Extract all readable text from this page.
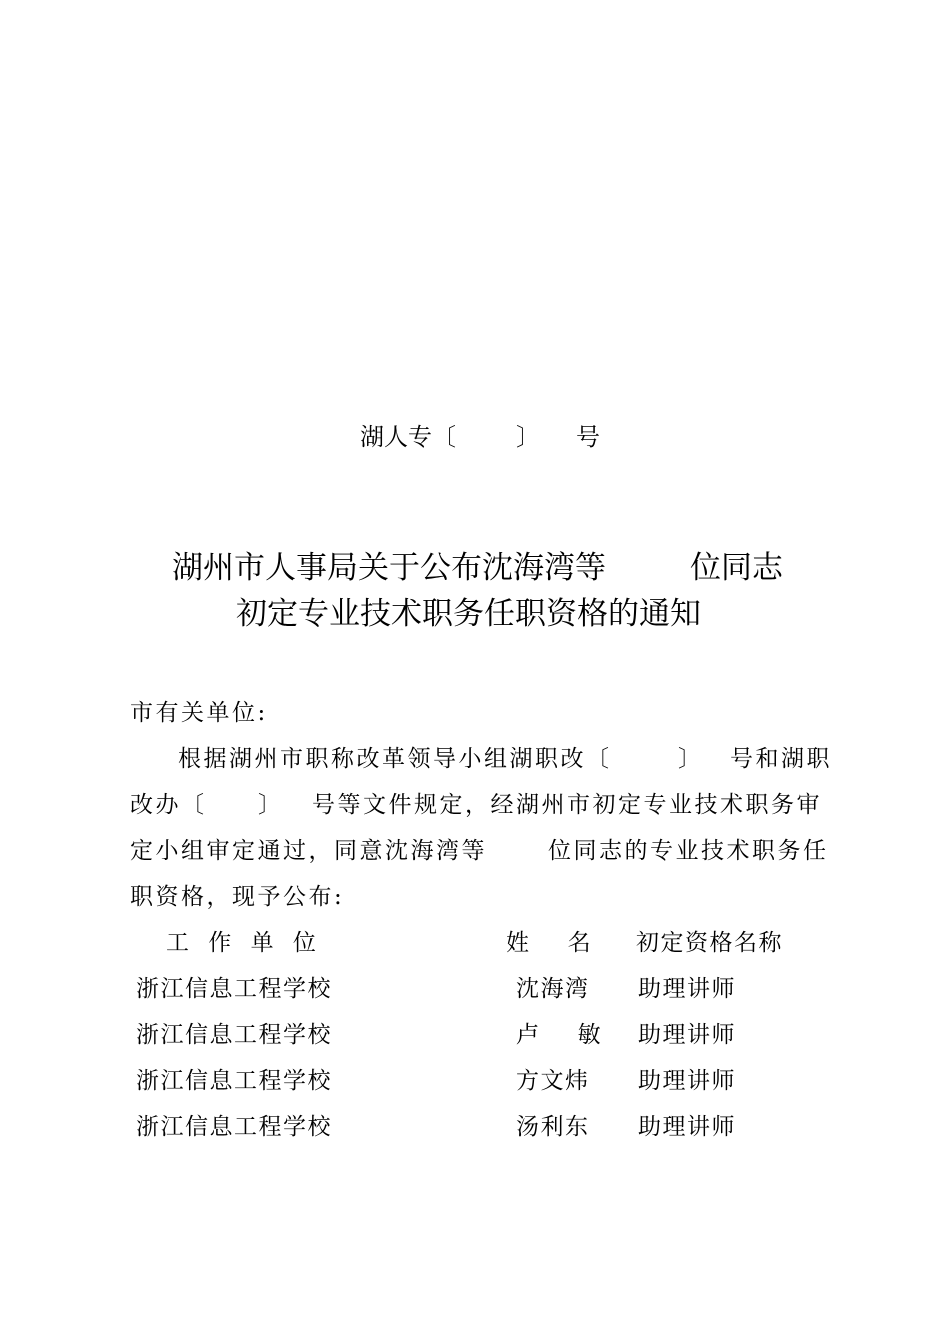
湖人专〔	〕 号

湖州市人事局关于公布沈海湾等

	位同志

初定专业技术职务任职资格的通知

市有关单位:

根据湖州市职称改革领导小组湖职改〔

	〕

号和湖职

改办〔

〕

号等文件规定，经湖州市初定专业技术职务审

定小组审定通过，同意沈海湾等

	位同志的专业技术职务任

职资格，现予公布:

工 作 单 位	姓  名 初定资格名称
浙江信息工程学校	沈海湾 助理讲师
浙江信息工程学校	卢  敏 助理讲师
浙江信息工程学校	方文炜 助理讲师
浙江信息工程学校	汤利东 助理讲师
